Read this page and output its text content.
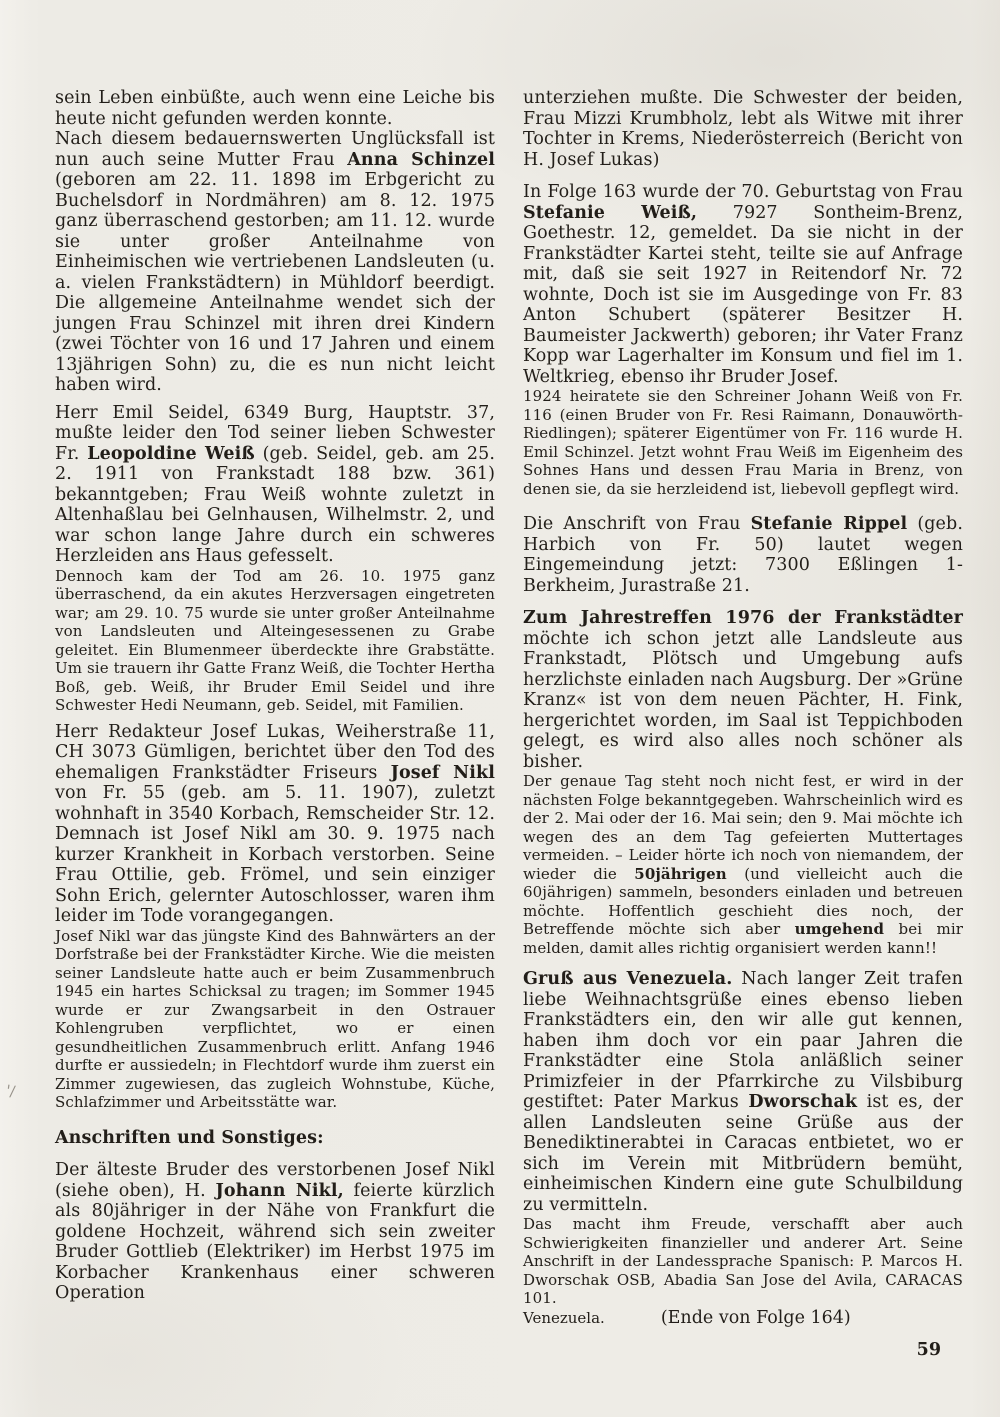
'/
sein Leben einbüßte, auch wenn eine Leiche bis heute nicht gefunden werden konnte.
Nach diesem bedauernswerten Unglücksfall ist nun auch seine Mutter Frau Anna Schinzel (geboren am 22. 11. 1898 im Erbgericht zu Buchelsdorf in Nordmähren) am 8. 12. 1975 ganz überraschend gestorben; am 11. 12. wurde sie unter großer Anteilnahme von Einheimischen wie vertriebenen Landsleuten (u. a. vielen Frankstädtern) in Mühldorf beerdigt. Die allgemeine Anteilnahme wendet sich der jungen Frau Schinzel mit ihren drei Kindern (zwei Töchter von 16 und 17 Jahren und einem 13jährigen Sohn) zu, die es nun nicht leicht haben wird.
Herr Emil Seidel, 6349 Burg, Hauptstr. 37, mußte leider den Tod seiner lieben Schwester Fr. Leopoldine Weiß (geb. Seidel, geb. am 25. 2. 1911 von Frankstadt 188 bzw. 361) bekanntgeben; Frau Weiß wohnte zuletzt in Altenhaßlau bei Gelnhausen, Wilhelmstr. 2, und war schon lange Jahre durch ein schweres Herzleiden ans Haus gefesselt.
Dennoch kam der Tod am 26. 10. 1975 ganz überraschend, da ein akutes Herzversagen eingetreten war; am 29. 10. 75 wurde sie unter großer Anteilnahme von Landsleuten und Alteingesessenen zu Grabe geleitet. Ein Blumenmeer überdeckte ihre Grabstätte. Um sie trauern ihr Gatte Franz Weiß, die Tochter Hertha Boß, geb. Weiß, ihr Bruder Emil Seidel und ihre Schwester Hedi Neumann, geb. Seidel, mit Familien.
Herr Redakteur Josef Lukas, Weiherstraße 11, CH 3073 Gümligen, berichtet über den Tod des ehemaligen Frankstädter Friseurs Josef Nikl von Fr. 55 (geb. am 5. 11. 1907), zuletzt wohnhaft in 3540 Korbach, Remscheider Str. 12. Demnach ist Josef Nikl am 30. 9. 1975 nach kurzer Krankheit in Korbach verstorben. Seine Frau Ottilie, geb. Frömel, und sein einziger Sohn Erich, gelernter Autoschlosser, waren ihm leider im Tode vorangegangen.
Josef Nikl war das jüngste Kind des Bahnwärters an der Dorfstraße bei der Frankstädter Kirche. Wie die meisten seiner Landsleute hatte auch er beim Zusammenbruch 1945 ein hartes Schicksal zu tragen; im Sommer 1945 wurde er zur Zwangsarbeit in den Ostrauer Kohlengruben verpflichtet, wo er einen gesundheitlichen Zusammenbruch erlitt. Anfang 1946 durfte er aussiedeln; in Flechtdorf wurde ihm zuerst ein Zimmer zugewiesen, das zugleich Wohnstube, Küche, Schlafzimmer und Arbeitsstätte war.
Anschriften und Sonstiges:
Der älteste Bruder des verstorbenen Josef Nikl (siehe oben), H. Johann Nikl, feierte kürzlich als 80jähriger in der Nähe von Frankfurt die goldene Hochzeit, während sich sein zweiter Bruder Gottlieb (Elektriker) im Herbst 1975 im Korbacher Krankenhaus einer schweren Operation
unterziehen mußte. Die Schwester der beiden, Frau Mizzi Krumbholz, lebt als Witwe mit ihrer Tochter in Krems, Niederösterreich (Bericht von H. Josef Lukas)
In Folge 163 wurde der 70. Geburtstag von Frau Stefanie Weiß, 7927 Sontheim-Brenz, Goethestr. 12, gemeldet. Da sie nicht in der Frankstädter Kartei steht, teilte sie auf Anfrage mit, daß sie seit 1927 in Reitendorf Nr. 72 wohnte, Doch ist sie im Ausgedinge von Fr. 83 Anton Schubert (späterer Besitzer H. Baumeister Jackwerth) geboren; ihr Vater Franz Kopp war Lagerhalter im Konsum und fiel im 1. Weltkrieg, ebenso ihr Bruder Josef.
1924 heiratete sie den Schreiner Johann Weiß von Fr. 116 (einen Bruder von Fr. Resi Raimann, Donauwörth-Riedlingen); späterer Eigentümer von Fr. 116 wurde H. Emil Schinzel. Jetzt wohnt Frau Weiß im Eigenheim des Sohnes Hans und dessen Frau Maria in Brenz, von denen sie, da sie herzleidend ist, liebevoll gepflegt wird.
Die Anschrift von Frau Stefanie Rippel (geb. Harbich von Fr. 50) lautet wegen Eingemeindung jetzt: 7300 Eßlingen 1-Berkheim, Jurastraße 21.
Zum Jahrestreffen 1976 der Frankstädter möchte ich schon jetzt alle Landsleute aus Frankstadt, Plötsch und Umgebung aufs herzlichste einladen nach Augsburg. Der »Grüne Kranz« ist von dem neuen Pächter, H. Fink, hergerichtet worden, im Saal ist Teppichboden gelegt, es wird also alles noch schöner als bisher.
Der genaue Tag steht noch nicht fest, er wird in der nächsten Folge bekanntgegeben. Wahrscheinlich wird es der 2. Mai oder der 16. Mai sein; den 9. Mai möchte ich wegen des an dem Tag gefeierten Muttertages vermeiden. – Leider hörte ich noch von niemandem, der wieder die 50jährigen (und vielleicht auch die 60jährigen) sammeln, besonders einladen und betreuen möchte. Hoffentlich geschieht dies noch, der Betreffende möchte sich aber umgehend bei mir melden, damit alles richtig organisiert werden kann!!
Gruß aus Venezuela. Nach langer Zeit trafen liebe Weihnachtsgrüße eines ebenso lieben Frankstädters ein, den wir alle gut kennen, haben ihm doch vor ein paar Jahren die Frankstädter eine Stola anläßlich seiner Primizfeier in der Pfarrkirche zu Vilsbiburg gestiftet: Pater Markus Dworschak ist es, der allen Landsleuten seine Grüße aus der Benediktinerabtei in Caracas entbietet, wo er sich im Verein mit Mitbrüdern bemüht, einheimischen Kindern eine gute Schulbildung zu vermitteln.
Das macht ihm Freude, verschafft aber auch Schwierigkeiten finanzieller und anderer Art. Seine Anschrift in der Landessprache Spanisch: P. Marcos H. Dworschak OSB, Abadia San Jose del Avila, CARACAS 101.
Venezuela.	(Ende von Folge 164)
59
